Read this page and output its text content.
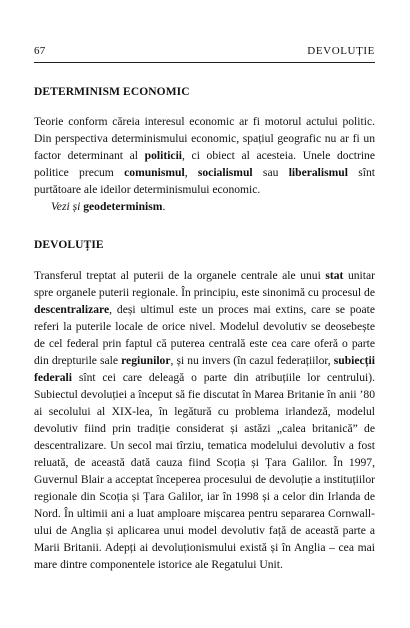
67	DEVOLUȚIE
DETERMINISM ECONOMIC

Teorie conform căreia interesul economic ar fi motorul actului politic. Din perspectiva determinismului economic, spațiul geografic nu ar fi un factor determinant al politicii, ci obiect al acesteia. Unele doctrine politice precum comunismul, socialismul sau liberalismul sînt purtătoare ale ideilor determinismului economic.

Vezi și geodeterminism.

DEVOLUȚIE

Transferul treptat al puterii de la organele centrale ale unui stat unitar spre organele puterii regionale. În principiu, este sinonimă cu procesul de descentralizare, deși ultimul este un proces mai extins, care se poate referi la puterile locale de orice nivel. Modelul devolutiv se deosebește de cel federal prin faptul că puterea centrală este cea care oferă o parte din drepturile sale regiunilor, și nu invers (în cazul federațiilor, subiecții federali sînt cei care deleagă o parte din atribuțiile lor centrului). Subiectul devoluției a început să fie discutat în Marea Britanie în anii ’80 ai secolului al XIX-lea, în legătură cu problema irlandeză, modelul devolutiv fiind prin tradiție considerat și astăzi „calea britanică” de descentralizare. Un secol mai tîrziu, tematica modelului devolutiv a fost reluată, de această dată cauza fiind Scoția și Țara Galilor. În 1997, Guvernul Blair a acceptat începerea procesului de devoluție a instituțiilor regionale din Scoția și Țara Galilor, iar în 1998 și a celor din Irlanda de Nord. În ultimii ani a luat amploare mișcarea pentru separarea Cornwall-ului de Anglia și aplicarea unui model devolutiv față de această parte a Marii Britanii. Adepți ai devoluționismului există și în Anglia – cea mai mare dintre componentele istorice ale Regatului Unit.
